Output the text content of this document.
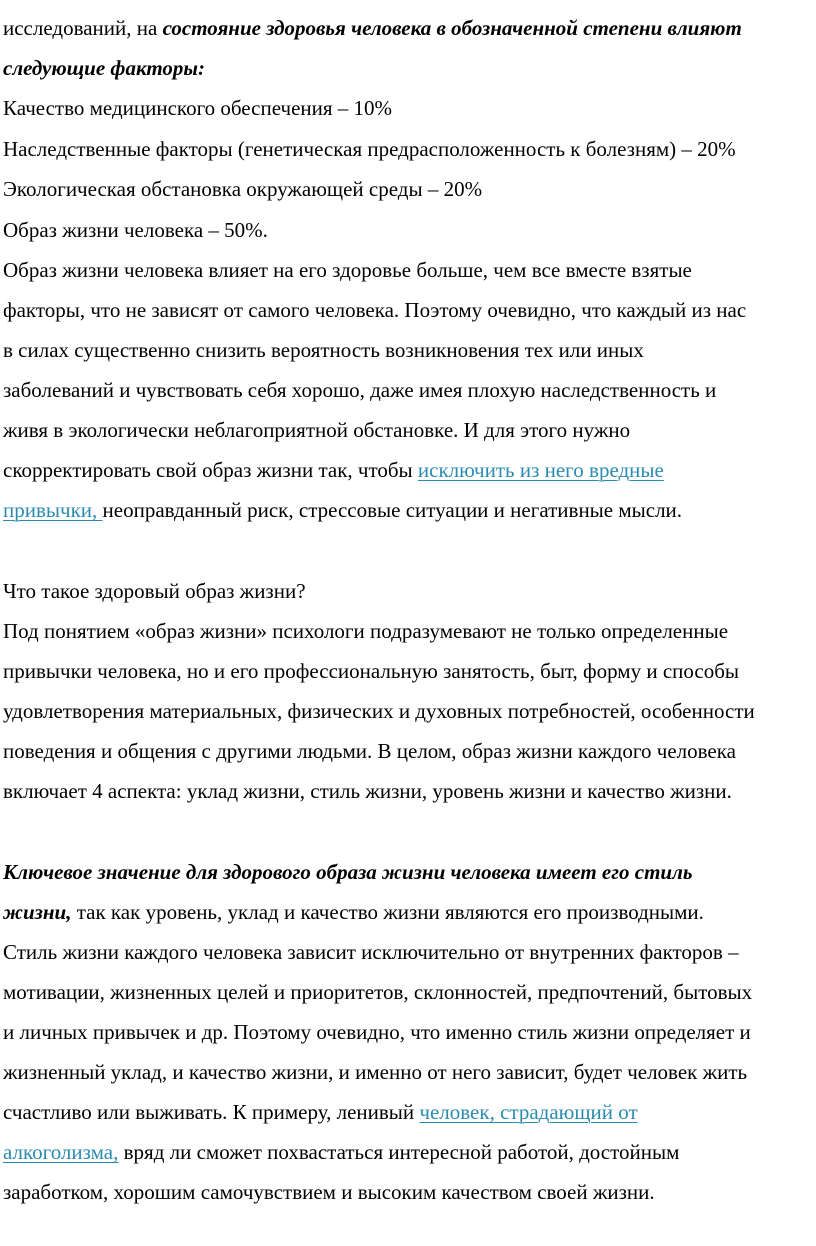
исследований, на состояние здоровья человека в обозначенной степени влияют
следующие факторы:
Качество медицинского обеспечения – 10%
Наследственные факторы (генетическая предрасположенность к болезням) – 20%
Экологическая обстановка окружающей среды – 20%
Образ жизни человека – 50%.
Образ жизни человека влияет на его здоровье больше, чем все вместе взятые
факторы, что не зависят от самого человека. Поэтому очевидно, что каждый из нас
в силах существенно снизить вероятность возникновения тех или иных
заболеваний и чувствовать себя хорошо, даже имея плохую наследственность и
живя в экологически неблагоприятной обстановке. И для этого нужно
скорректировать свой образ жизни так, чтобы исключить из него вредные
привычки, неоправданный риск, стрессовые ситуации и негативные мысли.
Что такое здоровый образ жизни?
Под понятием «образ жизни» психологи подразумевают не только определенные
привычки человека, но и его профессиональную занятость, быт, форму и способы
удовлетворения материальных, физических и духовных потребностей, особенности
поведения и общения с другими людьми. В целом, образ жизни каждого человека
включает 4 аспекта: уклад жизни, стиль жизни, уровень жизни и качество жизни.
Ключевое значение для здорового образа жизни человека имеет его стиль
жизни, так как уровень, уклад и качество жизни являются его производными.
Стиль жизни каждого человека зависит исключительно от внутренних факторов –
мотивации, жизненных целей и приоритетов, склонностей, предпочтений, бытовых
и личных привычек и др. Поэтому очевидно, что именно стиль жизни определяет и
жизненный уклад, и качество жизни, и именно от него зависит, будет человек жить
счастливо или выживать. К примеру, ленивый человек, страдающий от
алкоголизма, вряд ли сможет похвастаться интересной работой, достойным
заработком, хорошим самочувствием и высоким качеством своей жизни.
